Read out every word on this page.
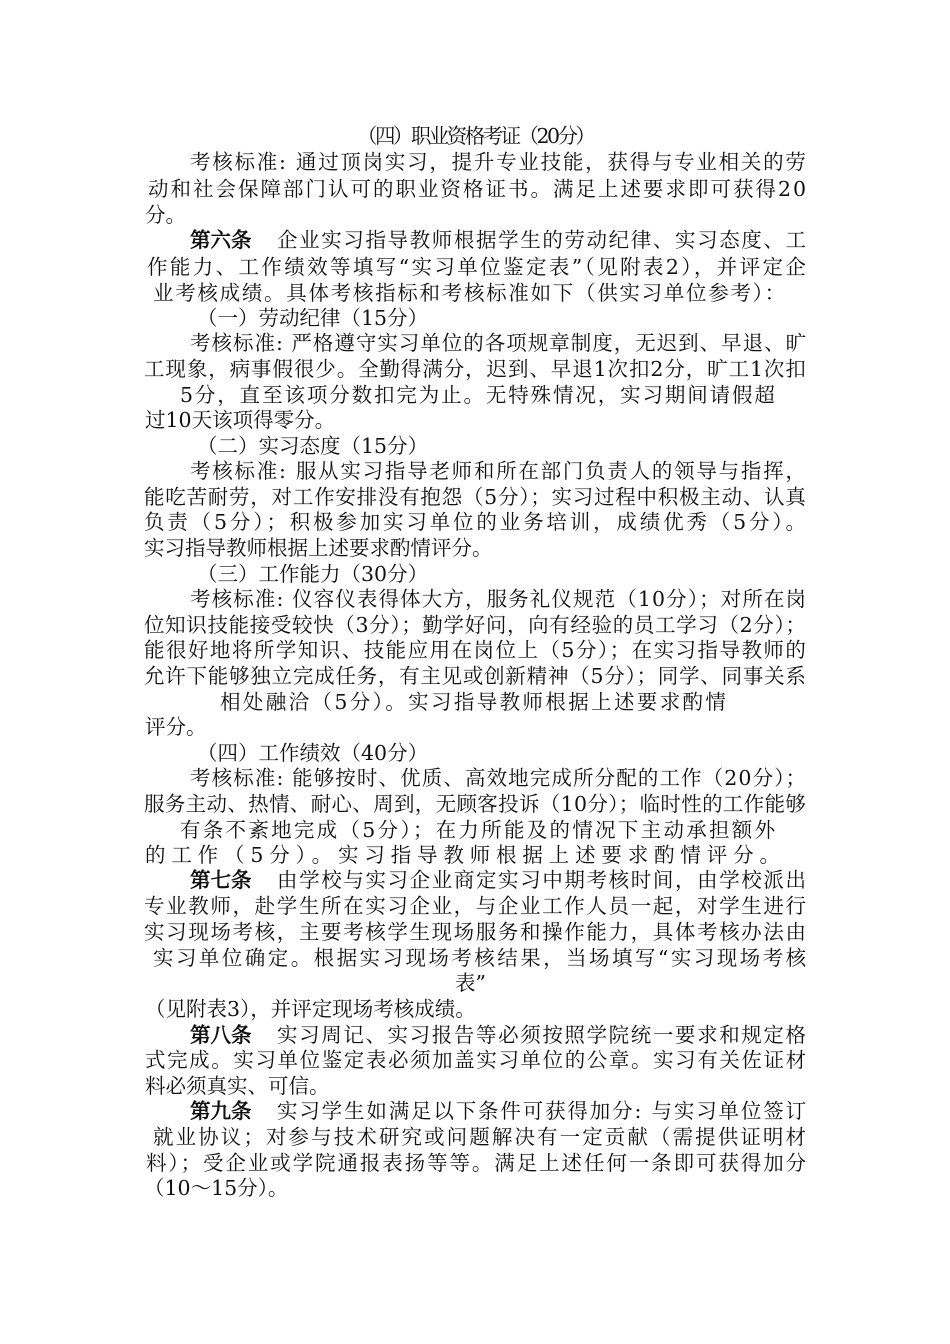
（四）职业资格考证（20分）
考核标准: 通过顶岗实习，提升专业技能，获得与专业相关的劳
动和社会保障部门认可的职业资格证书。满足上述要求即可获得20
分。
第六条 企业实习指导教师根据学生的劳动纪律、实习态度、工
作能力、工作绩效等填写“实习单位鉴定表”（见附表2），并评定企
业考核成绩。具体考核指标和考核标准如下（供实习单位参考）：
（一）劳动纪律（15分）
考核标准: 严格遵守实习单位的各项规章制度，无迟到、早退、旷
工现象，病事假很少。全勤得满分，迟到、早退1次扣2分，旷工1次扣
5分，直至该项分数扣完为止。无特殊情况，实习期间请假超
过10天该项得零分。
（二）实习态度（15分）
考核标准: 服从实习指导老师和所在部门负责人的领导与指挥，
能吃苦耐劳，对工作安排没有抱怨（5分）；实习过程中积极主动、认真
负责（5分）；积极参加实习单位的业务培训，成绩优秀（5分）。
实习指导教师根据上述要求酌情评分。
（三）工作能力（30分）
考核标准: 仪容仪表得体大方，服务礼仪规范（10分）；对所在岗
位知识技能接受较快（3分）；勤学好问，向有经验的员工学习（2分）；
能很好地将所学知识、技能应用在岗位上（5分）；在实习指导教师的
允许下能够独立完成任务，有主见或创新精神（5分）；同学、同事关系
相处融洽（5分）。实习指导教师根据上述要求酌情
评分。
（四）工作绩效（40分）
考核标准: 能够按时、优质、高效地完成所分配的工作（20分）；
服务主动、热情、耐心、周到，无顾客投诉（10分）；临时性的工作能够
有条不紊地完成（5分）；在力所能及的情况下主动承担额外
的工作（5分）。实习指导教师根据上述要求酌情评分。
第七条 由学校与实习企业商定实习中期考核时间，由学校派出
专业教师，赴学生所在实习企业，与企业工作人员一起，对学生进行
实习现场考核，主要考核学生现场服务和操作能力，具体考核办法由
实习单位确定。根据实习现场考核结果，当场填写“实习现场考核
表”
（见附表3），并评定现场考核成绩。
第八条 实习周记、实习报告等必须按照学院统一要求和规定格
式完成。实习单位鉴定表必须加盖实习单位的公章。实习有关佐证材
料必须真实、可信。
第九条 实习学生如满足以下条件可获得加分: 与实习单位签订
就业协议；对参与技术研究或问题解决有一定贡献（需提供证明材
料）；受企业或学院通报表扬等等。满足上述任何一条即可获得加分
（10～15分）。
